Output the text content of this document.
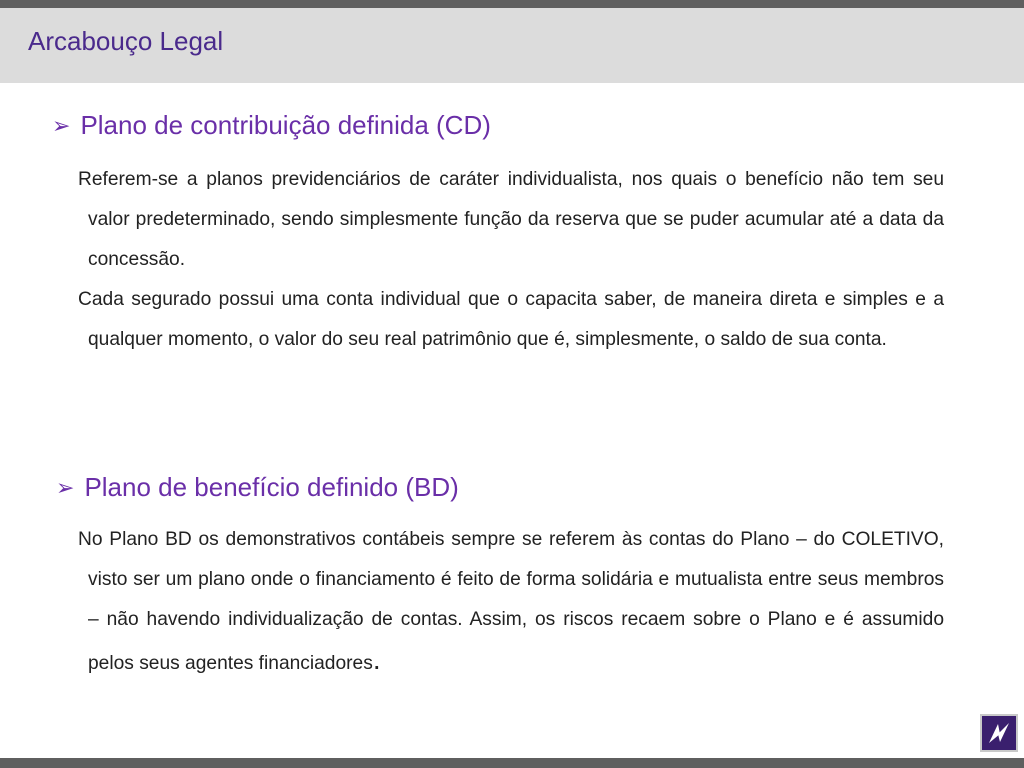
Arcabouço Legal
➢ Plano de contribuição definida (CD)
Referem-se a planos previdenciários de caráter individualista, nos quais o benefício não tem seu valor predeterminado, sendo simplesmente função da reserva que se puder acumular até a data da concessão.
Cada segurado possui uma conta individual que o capacita saber, de maneira direta e simples e a qualquer momento, o valor do seu real patrimônio que é, simplesmente, o saldo de sua conta.
➢ Plano de benefício definido (BD)
No Plano BD os demonstrativos contábeis sempre se referem às contas do Plano – do COLETIVO, visto ser um plano onde o financiamento é feito de forma solidária e mutualista entre seus membros – não havendo individualização de contas. Assim, os riscos recaem sobre o Plano e é assumido pelos seus agentes financiadores.
